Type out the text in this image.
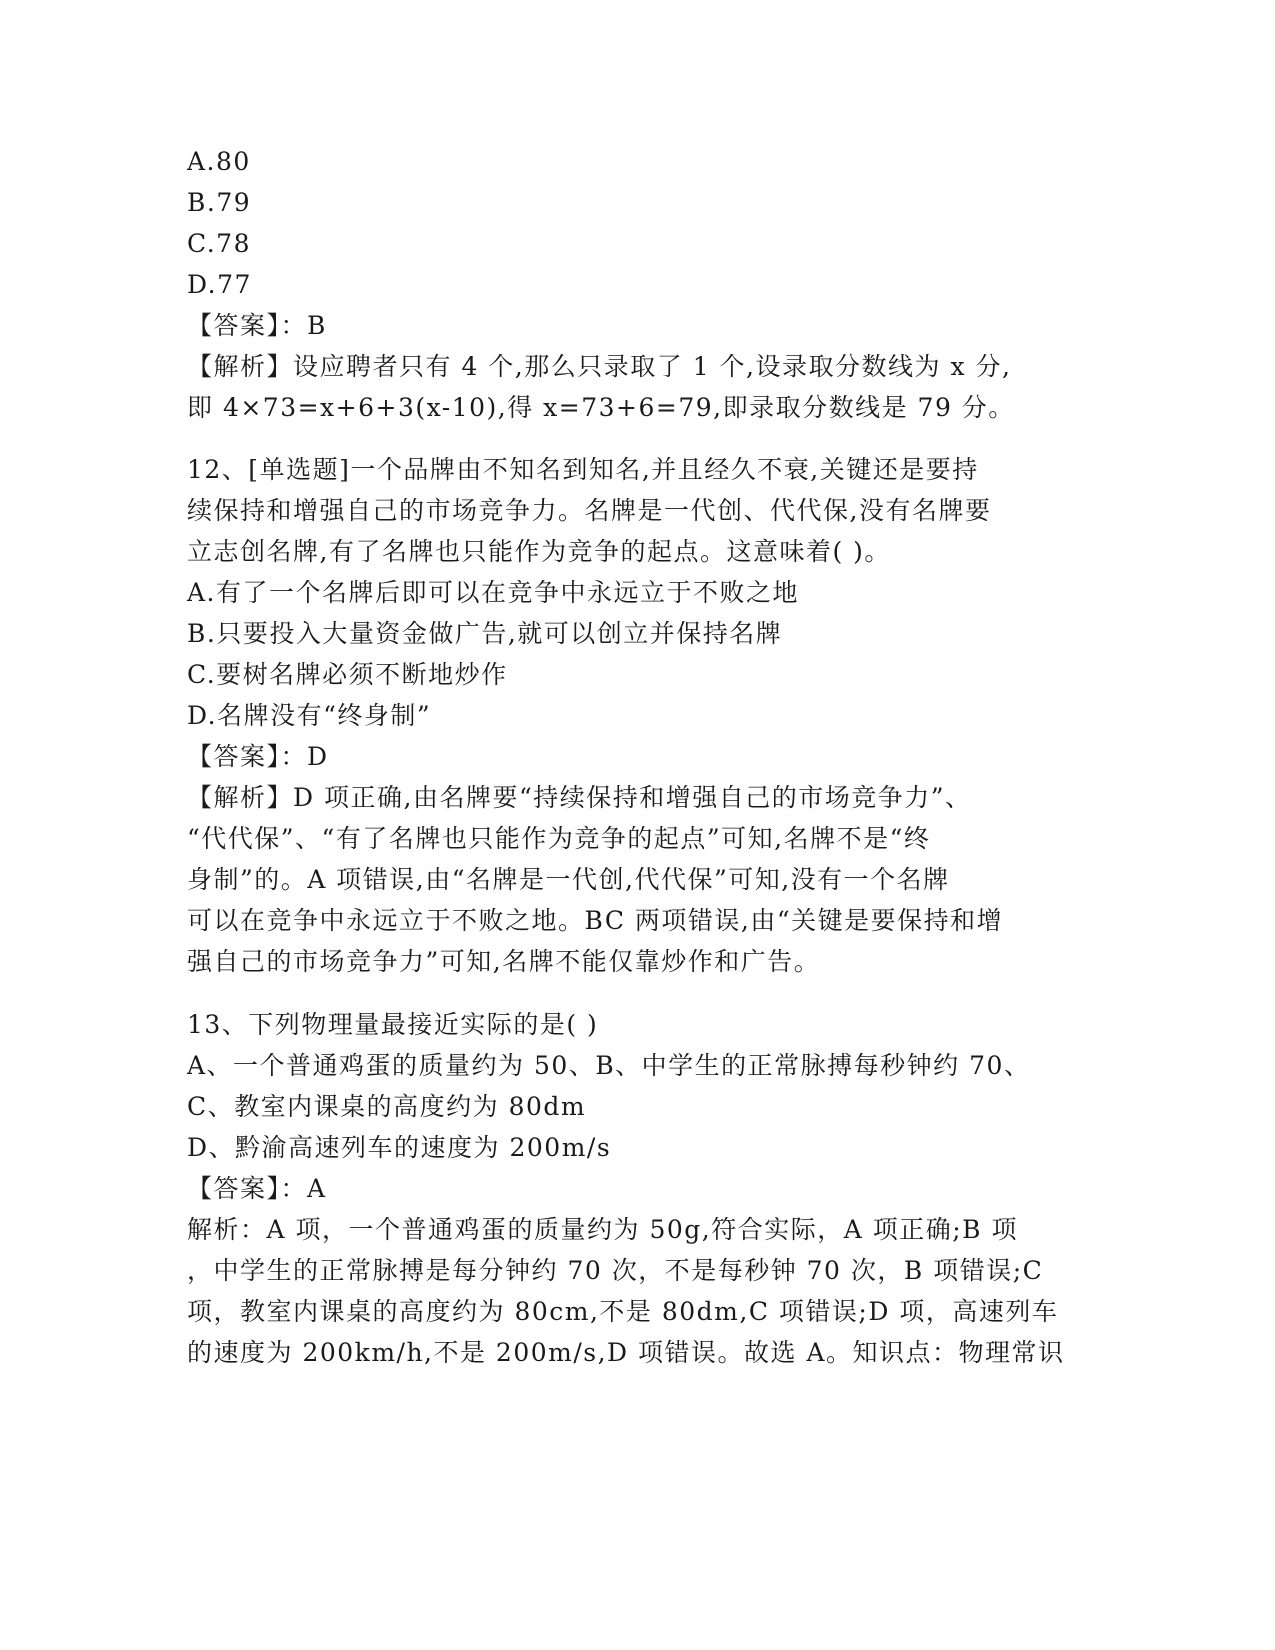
A.80
B.79
C.78
D.77
【答案】：B
【解析】设应聘者只有 4 个,那么只录取了 1 个,设录取分数线为 x 分,
即 4×73=x+6+3(x-10),得 x=73+6=79,即录取分数线是 79 分。
12、[单选题]一个品牌由不知名到知名,并且经久不衰,关键还是要持
续保持和增强自己的市场竞争力。名牌是一代创、代代保,没有名牌要
立志创名牌,有了名牌也只能作为竞争的起点。这意味着( )。
A.有了一个名牌后即可以在竞争中永远立于不败之地
B.只要投入大量资金做广告,就可以创立并保持名牌
C.要树名牌必须不断地炒作
D.名牌没有“终身制”
【答案】：D
【解析】D 项正确,由名牌要“持续保持和增强自己的市场竞争力”、
“代代保”、“有了名牌也只能作为竞争的起点”可知,名牌不是“终
身制”的。A 项错误,由“名牌是一代创,代代保”可知,没有一个名牌
可以在竞争中永远立于不败之地。BC 两项错误,由“关键是要保持和增
强自己的市场竞争力”可知,名牌不能仅靠炒作和广告。
13、下列物理量最接近实际的是( )
A、一个普通鸡蛋的质量约为 50、B、中学生的正常脉搏每秒钟约 70、
C、教室内课桌的高度约为 80dm
D、黔渝高速列车的速度为 200m/s
【答案】：A
解析：A 项，一个普通鸡蛋的质量约为 50g,符合实际，A 项正确;B 项
，中学生的正常脉搏是每分钟约 70 次，不是每秒钟 70 次，B 项错误;C
项，教室内课桌的高度约为 80cm,不是 80dm,C 项错误;D 项，高速列车
的速度为 200km/h,不是 200m/s,D 项错误。故选 A。知识点：物理常识
